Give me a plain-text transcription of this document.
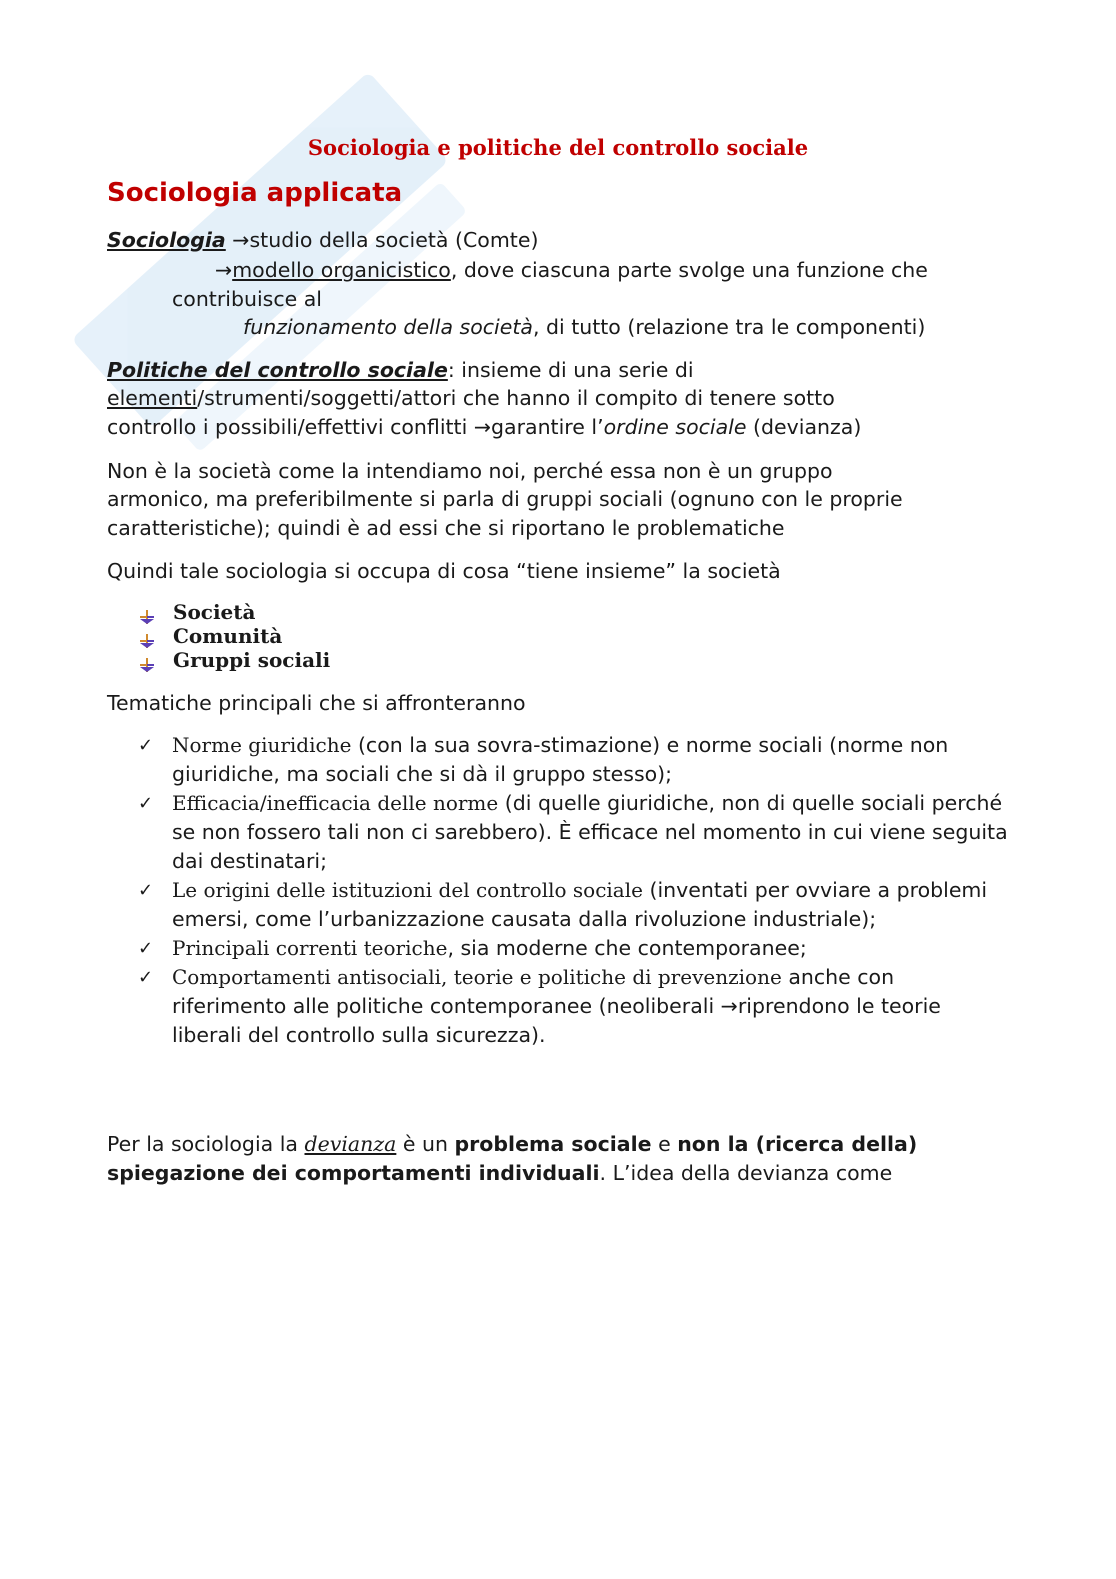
Sociologia e politiche del controllo sociale
Sociologia applicata
Sociologia →studio della società (Comte)
→modello organicistico, dove ciascuna parte svolge una funzione che
contribuisce al
funzionamento della società, di tutto (relazione tra le componenti)
Politiche del controllo sociale: insieme di una serie di
elementi/strumenti/soggetti/attori che hanno il compito di tenere sotto
controllo i possibili/effettivi conflitti →garantire l’ordine sociale (devianza)
Non è la società come la intendiamo noi, perché essa non è un gruppo
armonico, ma preferibilmente si parla di gruppi sociali (ognuno con le proprie
caratteristiche); quindi è ad essi che si riportano le problematiche
Quindi tale sociologia si occupa di cosa “tiene insieme” la società
Società
Comunità
Gruppi sociali
Tematiche principali che si affronteranno
✓ Norme giuridiche (con la sua sovra-stimazione) e norme sociali (norme non giuridiche, ma sociali che si dà il gruppo stesso);
✓ Efficacia/inefficacia delle norme (di quelle giuridiche, non di quelle sociali perché se non fossero tali non ci sarebbero). È efficace nel momento in cui viene seguita dai destinatari;
✓ Le origini delle istituzioni del controllo sociale (inventati per ovviare a problemi emersi, come l’urbanizzazione causata dalla rivoluzione industriale);
✓ Principali correnti teoriche, sia moderne che contemporanee;
✓ Comportamenti antisociali, teorie e politiche di prevenzione anche con riferimento alle politiche contemporanee (neoliberali →riprendono le teorie liberali del controllo sulla sicurezza).
Per la sociologia la devianza è un problema sociale e non la (ricerca della)
spiegazione dei comportamenti individuali. L’idea della devianza come
